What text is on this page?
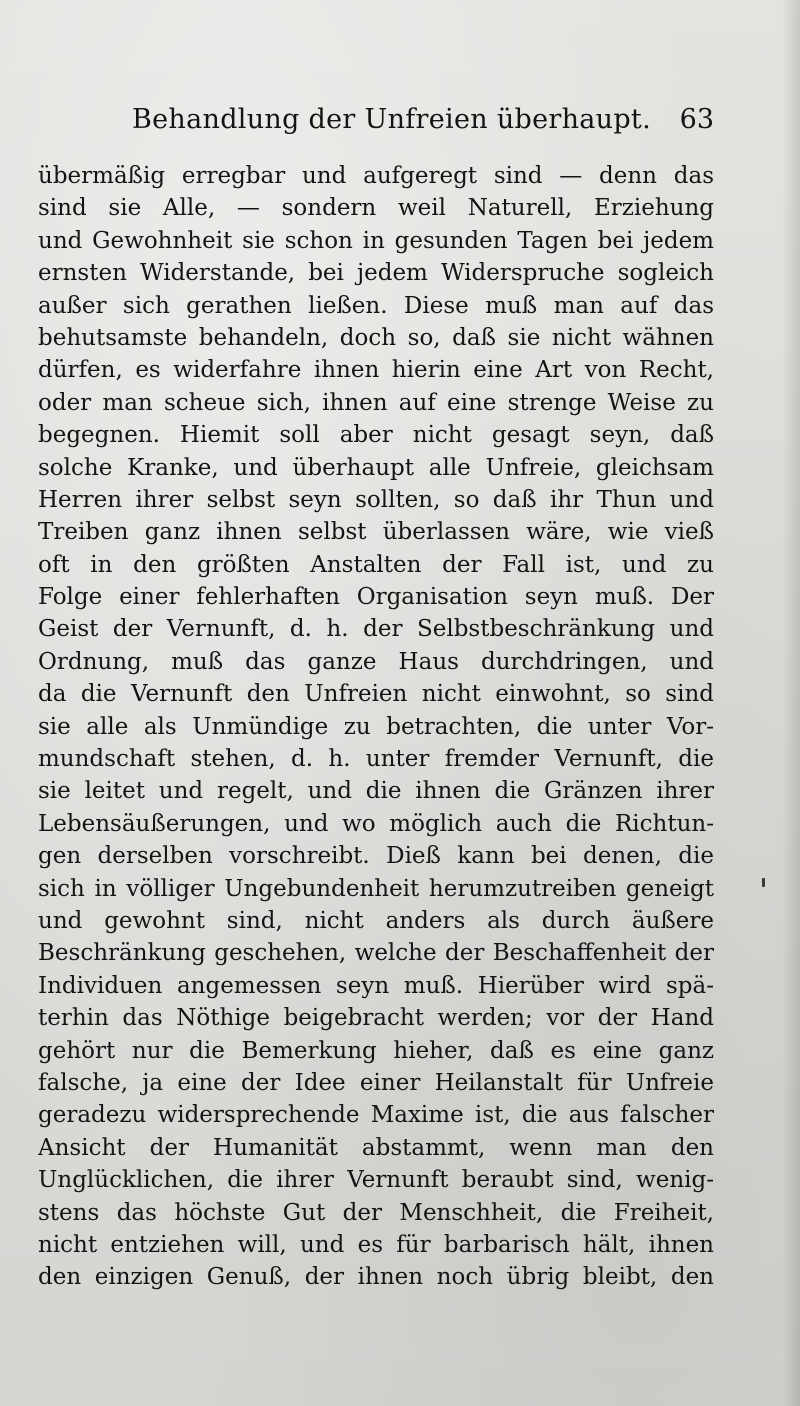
Behandlung der Unfreien überhaupt. 63
übermäßig erregbar und aufgeregt sind — denn das
sind sie Alle, — sondern weil Naturell, Erziehung
und Gewohnheit sie schon in gesunden Tagen bei jedem
ernsten Widerstande, bei jedem Widerspruche sogleich
außer sich gerathen ließen. Diese muß man auf das
behutsamste behandeln, doch so, daß sie nicht wähnen
dürfen, es widerfahre ihnen hierin eine Art von Recht,
oder man scheue sich, ihnen auf eine strenge Weise zu
begegnen. Hiemit soll aber nicht gesagt seyn, daß
solche Kranke, und überhaupt alle Unfreie, gleichsam
Herren ihrer selbst seyn sollten, so daß ihr Thun und
Treiben ganz ihnen selbst überlassen wäre, wie vieß
oft in den größten Anstalten der Fall ist, und zu
Folge einer fehlerhaften Organisation seyn muß. Der
Geist der Vernunft, d. h. der Selbstbeschränkung und
Ordnung, muß das ganze Haus durchdringen, und
da die Vernunft den Unfreien nicht einwohnt, so sind
sie alle als Unmündige zu betrachten, die unter Vor-
mundschaft stehen, d. h. unter fremder Vernunft, die
sie leitet und regelt, und die ihnen die Gränzen ihrer
Lebensäußerungen, und wo möglich auch die Richtun-
gen derselben vorschreibt. Dieß kann bei denen, die
sich in völliger Ungebundenheit herumzutreiben geneigt
und gewohnt sind, nicht anders als durch äußere
Beschränkung geschehen, welche der Beschaffenheit der
Individuen angemessen seyn muß. Hierüber wird spä-
terhin das Nöthige beigebracht werden; vor der Hand
gehört nur die Bemerkung hieher, daß es eine ganz
falsche, ja eine der Idee einer Heilanstalt für Unfreie
geradezu widersprechende Maxime ist, die aus falscher
Ansicht der Humanität abstammt, wenn man den
Unglücklichen, die ihrer Vernunft beraubt sind, wenig-
stens das höchste Gut der Menschheit, die Freiheit,
nicht entziehen will, und es für barbarisch hält, ihnen
den einzigen Genuß, der ihnen noch übrig bleibt, den
